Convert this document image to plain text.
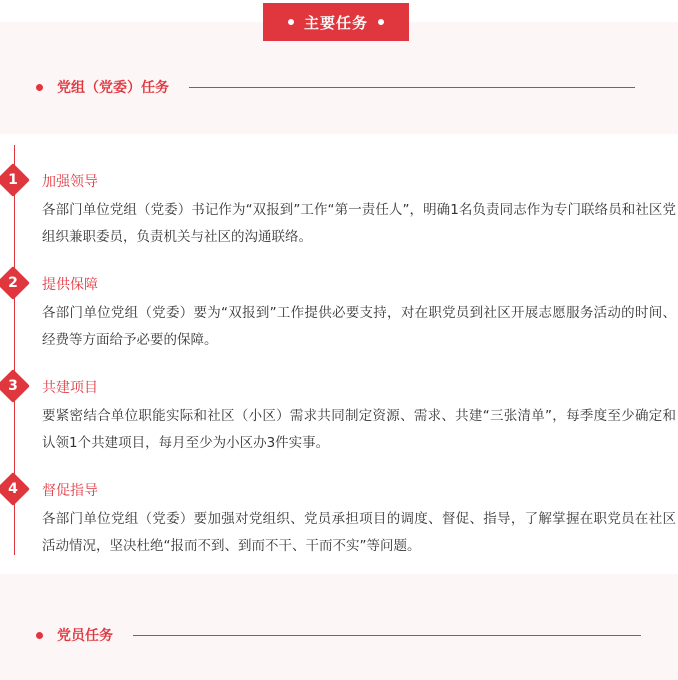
主要任务
党组（党委）任务
1	加强领导

各部门单位党组（党委）书记作为“双报到”工作“第一责任人”，明确1名负责同志作为专门联络员和社区党组织兼职委员，负责机关与社区的沟通联络。

2	提供保障

各部门单位党组（党委）要为“双报到”工作提供必要支持，对在职党员到社区开展志愿服务活动的时间、经费等方面给予必要的保障。

3	共建项目

要紧密结合单位职能实际和社区（小区）需求共同制定资源、需求、共建“三张清单”，每季度至少确定和认领1个共建项目，每月至少为小区办3件实事。

4	督促指导

各部门单位党组（党委）要加强对党组织、党员承担项目的调度、督促、指导，了解掌握在职党员在社区活动情况，坚决杜绝“报而不到、到而不干、干而不实”等问题。

党员任务
